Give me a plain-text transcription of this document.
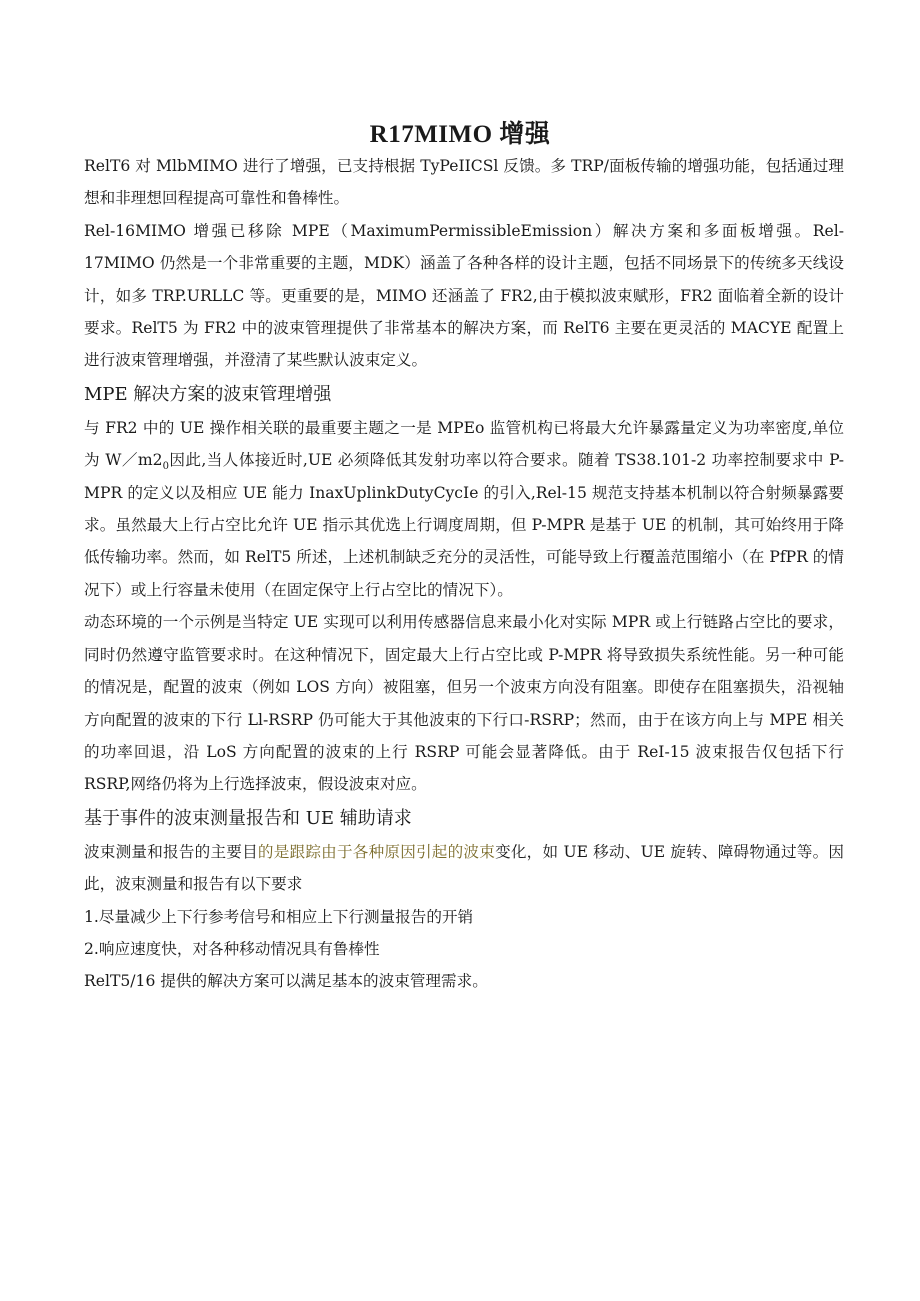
R17MIMO 增强

RelT6 对 MlbMIMO 进行了增强，已支持根据 TyPeIICSl 反馈。多 TRP/面板传输的增强功能，包括通过理想和非理想回程提高可靠性和鲁棒性。

Rel-16MIMO 增强已移除 MPE（MaximumPermissibleEmission）解决方案和多面板增强。Rel-17MIMO 仍然是一个非常重要的主题，MDK）涵盖了各种各样的设计主题，包括不同场景下的传统多天线设计，如多 TRP.URLLC 等。更重要的是，MIMO 还涵盖了 FR2,由于模拟波束赋形，FR2 面临着全新的设计要求。RelT5 为 FR2 中的波束管理提供了非常基本的解决方案，而 RelT6 主要在更灵活的 MACYE 配置上进行波束管理增强，并澄清了某些默认波束定义。

MPE 解决方案的波束管理增强

与 FR2 中的 UE 操作相关联的最重要主题之一是 MPEo 监管机构已将最大允许暴露量定义为功率密度,单位为 $W/m2_0$因此,当人体接近时,UE 必须降低其发射功率以符合要求。随着 TS38.101-2 功率控制要求中 P-MPR 的定义以及相应 UE 能力 InaxUplinkDutyCycIe 的引入,Rel-15 规范支持基本机制以符合射频暴露要求。虽然最大上行占空比允许 UE 指示其优选上行调度周期，但 P-MPR 是基于 UE 的机制，其可始终用于降低传输功率。然而，如 RelT5 所述，上述机制缺乏充分的灵活性，可能导致上行覆盖范围缩小（在 PfPR 的情况下）或上行容量未使用（在固定保守上行占空比的情况下）。

动态环境的一个示例是当特定 UE 实现可以利用传感器信息来最小化对实际 MPR 或上行链路占空比的要求，同时仍然遵守监管要求时。在这种情况下，固定最大上行占空比或 P-MPR 将导致损失系统性能。另一种可能的情况是，配置的波束（例如 LOS 方向）被阻塞，但另一个波束方向没有阻塞。即使存在阻塞损失，沿视轴方向配置的波束的下行 Ll-RSRP 仍可能大于其他波束的下行口-RSRP；然而，由于在该方向上与 MPE 相关的功率回退，沿 LoS 方向配置的波束的上行 RSRP 可能会显著降低。由于 ReI-15 波束报告仅包括下行 RSRP,网络仍将为上行选择波束，假设波束对应。

基于事件的波束测量报告和 UE 辅助请求

波束测量和报告的主要目的是跟踪由于各种原因引起的波束变化，如 UE 移动、UE 旋转、障碍物通过等。因此，波束测量和报告有以下要求

1.尽量减少上下行参考信号和相应上下行测量报告的开销

2.响应速度快，对各种移动情况具有鲁棒性

RelT5/16 提供的解决方案可以满足基本的波束管理需求。
